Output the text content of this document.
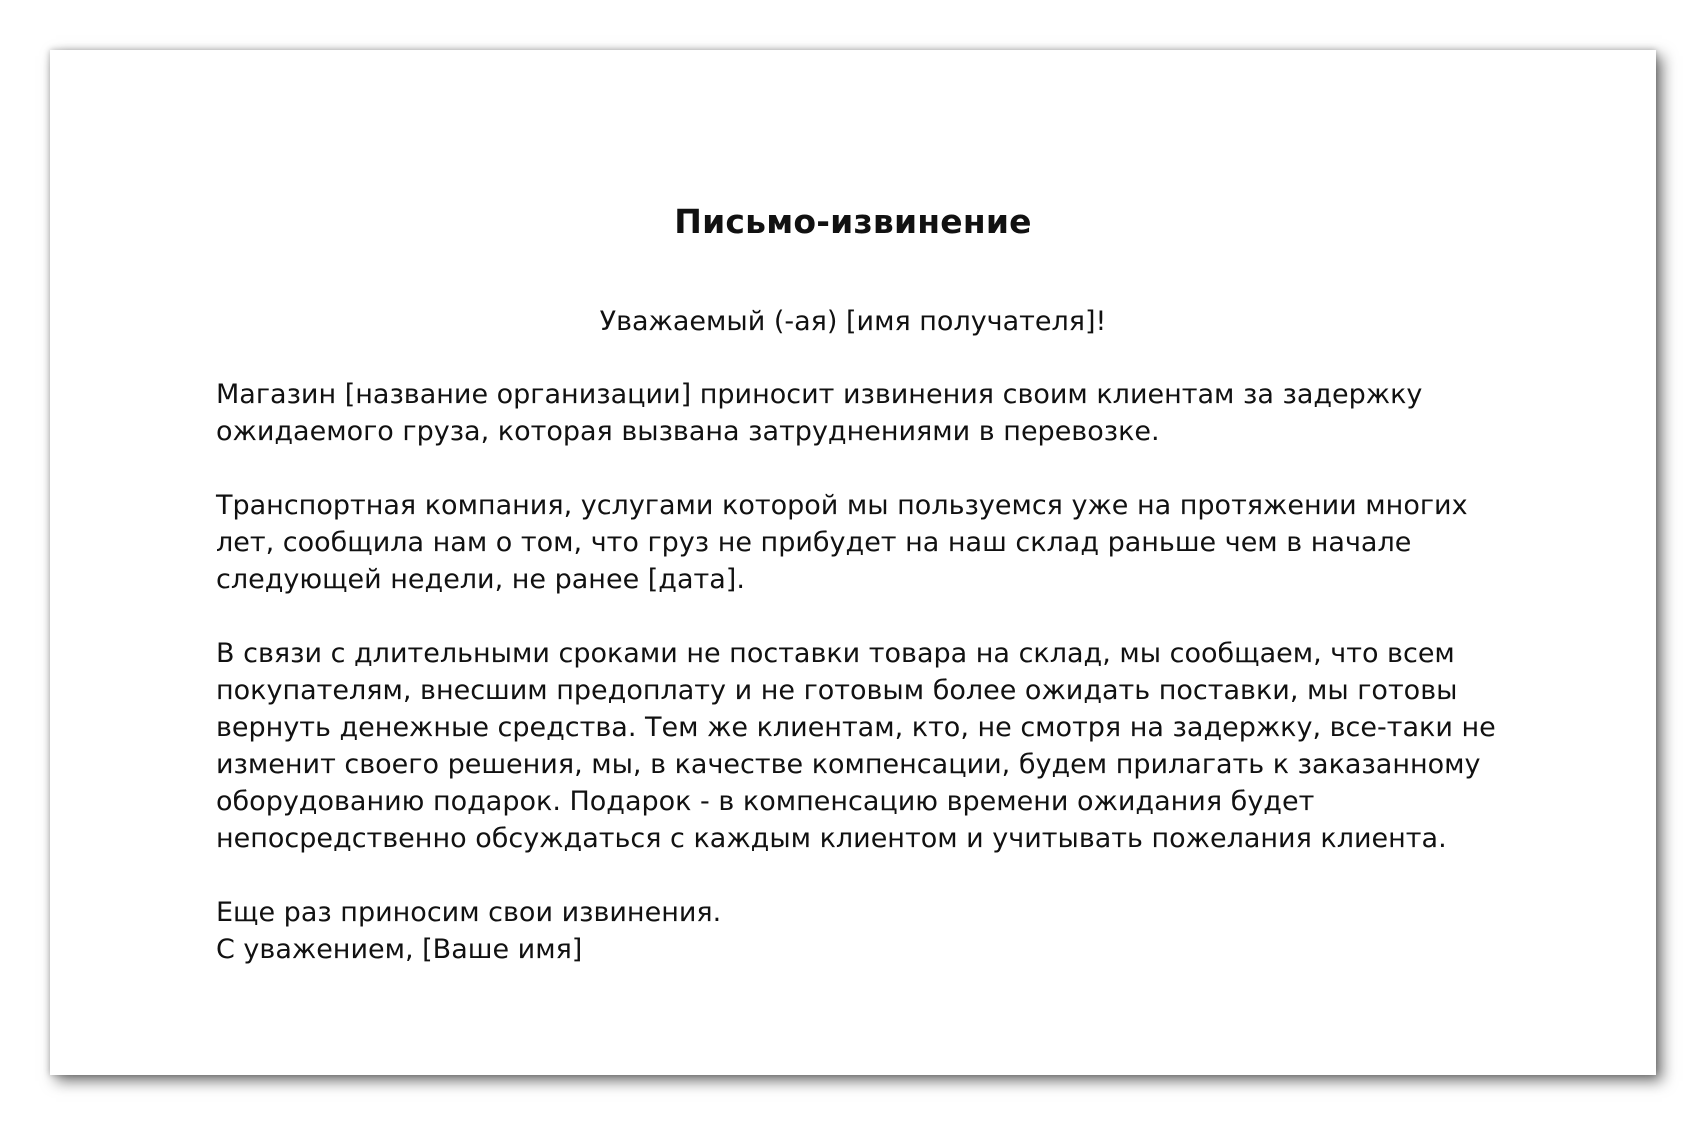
Письмо-извинение
Уважаемый (-ая) [имя получателя]!

Магазин [название организации] приносит извинения своим клиентам за задержку ожидаемого груза, которая вызвана затруднениями в перевозке.

Транспортная компания, услугами которой мы пользуемся уже на протяжении многих лет, сообщила нам о том, что груз не прибудет на наш склад раньше чем в начале следующей недели, не ранее [дата].

В связи с длительными сроками не поставки товара на склад, мы сообщаем, что всем покупателям, внесшим предоплату и не готовым более ожидать поставки, мы готовы вернуть денежные средства. Тем же клиентам, кто, не смотря на задержку, все-таки не изменит своего решения, мы, в качестве компенсации, будем прилагать к заказанному оборудованию подарок. Подарок - в компенсацию времени ожидания будет непосредственно обсуждаться с каждым клиентом и учитывать пожелания клиента.

Еще раз приносим свои извинения.

С уважением, [Ваше имя]
